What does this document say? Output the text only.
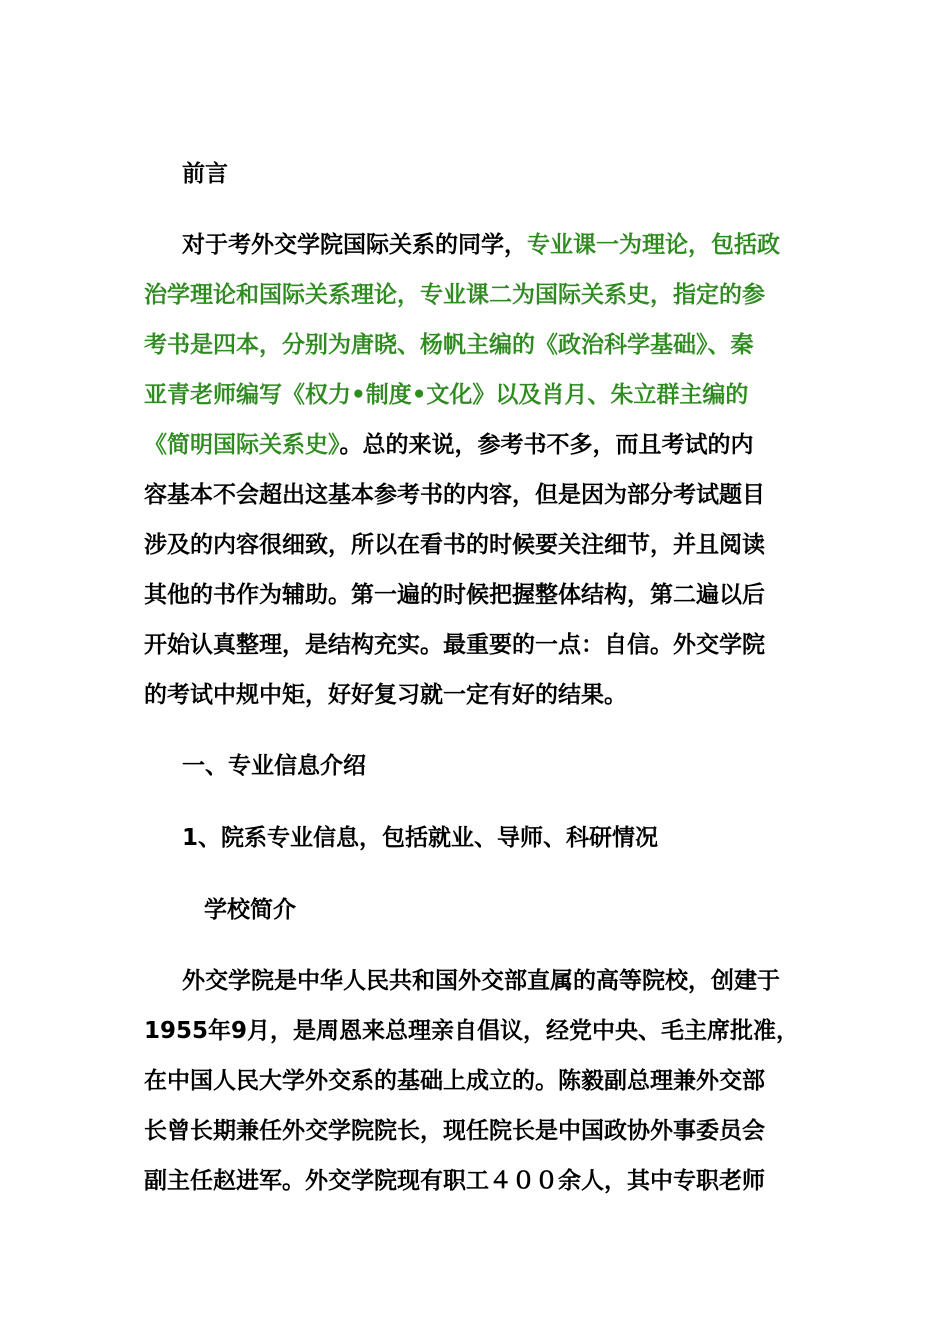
前言

对于考外交学院国际关系的同学，专业课一为理论，包括政

治学理论和国际关系理论，专业课二为国际关系史，指定的参

考书是四本，分别为唐晓、杨帆主编的《政治科学基础》、秦

亚青老师编写《权力•制度•文化》以及肖月、朱立群主编的

《简明国际关系史》。总的来说，参考书不多，而且考试的内

容基本不会超出这基本参考书的内容，但是因为部分考试题目

涉及的内容很细致，所以在看书的时候要关注细节，并且阅读

其他的书作为辅助。第一遍的时候把握整体结构，第二遍以后

开始认真整理，是结构充实。最重要的一点：自信。外交学院

的考试中规中矩，好好复习就一定有好的结果。

一、专业信息介绍

1、院系专业信息，包括就业、导师、科研情况

学校简介

外交学院是中华人民共和国外交部直属的高等院校，创建于

1955年9月，是周恩来总理亲自倡议，经党中央、毛主席批准，

在中国人民大学外交系的基础上成立的。陈毅副总理兼外交部

长曾长期兼任外交学院院长，现任院长是中国政协外事委员会

副主任赵进军。外交学院现有职工４００余人，其中专职老师
